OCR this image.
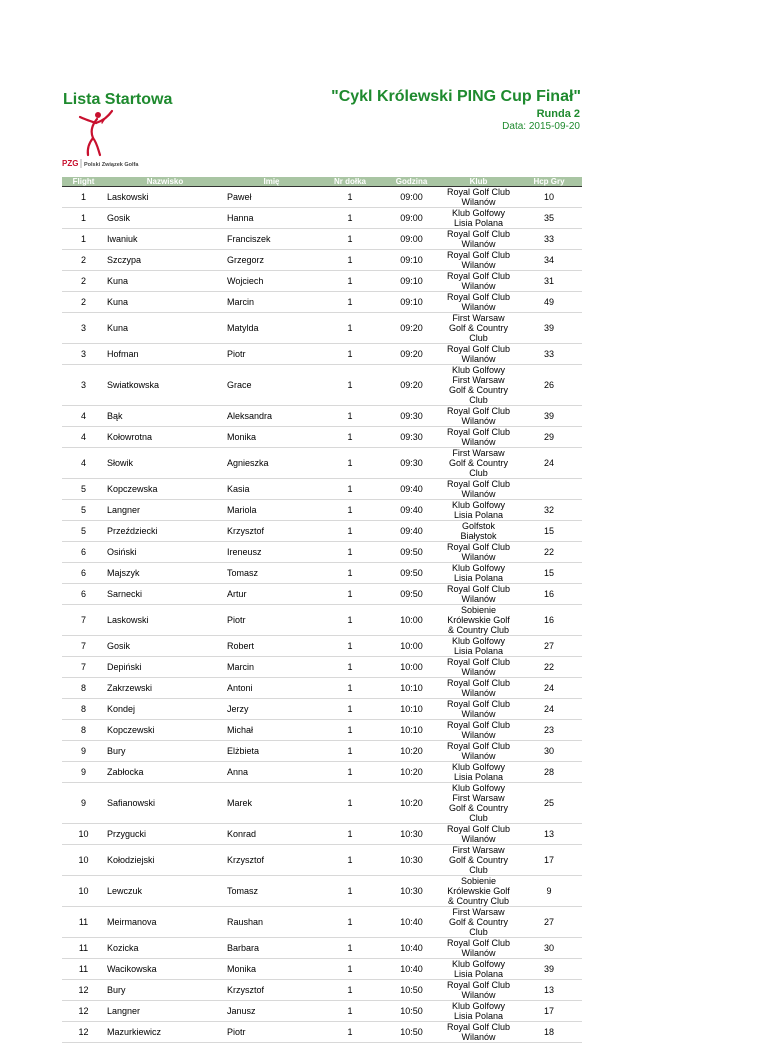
Lista Startowa	"Cykl Królewski PING Cup Finał"
Runda 2
Data: 2015-09-20
PZG Polski Związek Golfa
Flight	Nazwisko	Imię	Nr dołka	Godzina	Klub	Hcp Gry
1	Laskowski	Paweł	1	09:00	Royal Golf Club Wilanów	10
1	Gosik	Hanna	1	09:00	Klub Golfowy Lisia Polana	35
1	Iwaniuk	Franciszek	1	09:00	Royal Golf Club Wilanów	33
2	Szczypa	Grzegorz	1	09:10	Royal Golf Club Wilanów	34
2	Kuna	Wojciech	1	09:10	Royal Golf Club Wilanów	31
2	Kuna	Marcin	1	09:10	Royal Golf Club Wilanów	49
3	Kuna	Matylda	1	09:20	First Warsaw Golf & Country Club	39
3	Hofman	Piotr	1	09:20	Royal Golf Club Wilanów	33
3	Swiatkowska	Grace	1	09:20	Klub Golfowy First Warsaw Golf & Country Club	26
4	Bąk	Aleksandra	1	09:30	Royal Golf Club Wilanów	39
4	Kołowrotna	Monika	1	09:30	Royal Golf Club Wilanów	29
4	Słowik	Agnieszka	1	09:30	First Warsaw Golf & Country Club	24
5	Kopczewska	Kasia	1	09:40	Royal Golf Club Wilanów	
5	Langner	Mariola	1	09:40	Klub Golfowy Lisia Polana	32
5	Przeździecki	Krzysztof	1	09:40	Golfstok Białystok	15
6	Osiński	Ireneusz	1	09:50	Royal Golf Club Wilanów	22
6	Majszyk	Tomasz	1	09:50	Klub Golfowy Lisia Polana	15
6	Sarnecki	Artur	1	09:50	Royal Golf Club Wilanów	16
7	Laskowski	Piotr	1	10:00	Sobienie Królewskie Golf & Country Club	16
7	Gosik	Robert	1	10:00	Klub Golfowy Lisia Polana	27
7	Depiński	Marcin	1	10:00	Royal Golf Club Wilanów	22
8	Zakrzewski	Antoni	1	10:10	Royal Golf Club Wilanów	24
8	Kondej	Jerzy	1	10:10	Royal Golf Club Wilanów	24
8	Kopczewski	Michał	1	10:10	Royal Golf Club Wilanów	23
9	Bury	Elżbieta	1	10:20	Royal Golf Club Wilanów	30
9	Zabłocka	Anna	1	10:20	Klub Golfowy Lisia Polana	28
9	Safianowski	Marek	1	10:20	Klub Golfowy First Warsaw Golf & Country Club	25
10	Przygucki	Konrad	1	10:30	Royal Golf Club Wilanów	13
10	Kołodziejski	Krzysztof	1	10:30	First Warsaw Golf & Country Club	17
10	Lewczuk	Tomasz	1	10:30	Sobienie Królewskie Golf & Country Club	9
11	Meirmanova	Raushan	1	10:40	First Warsaw Golf & Country Club	27
11	Kozicka	Barbara	1	10:40	Royal Golf Club Wilanów	30
11	Wacikowska	Monika	1	10:40	Klub Golfowy Lisia Polana	39
12	Bury	Krzysztof	1	10:50	Royal Golf Club Wilanów	13
12	Langner	Janusz	1	10:50	Klub Golfowy Lisia Polana	17
12	Mazurkiewicz	Piotr	1	10:50	Royal Golf Club Wilanów	18
